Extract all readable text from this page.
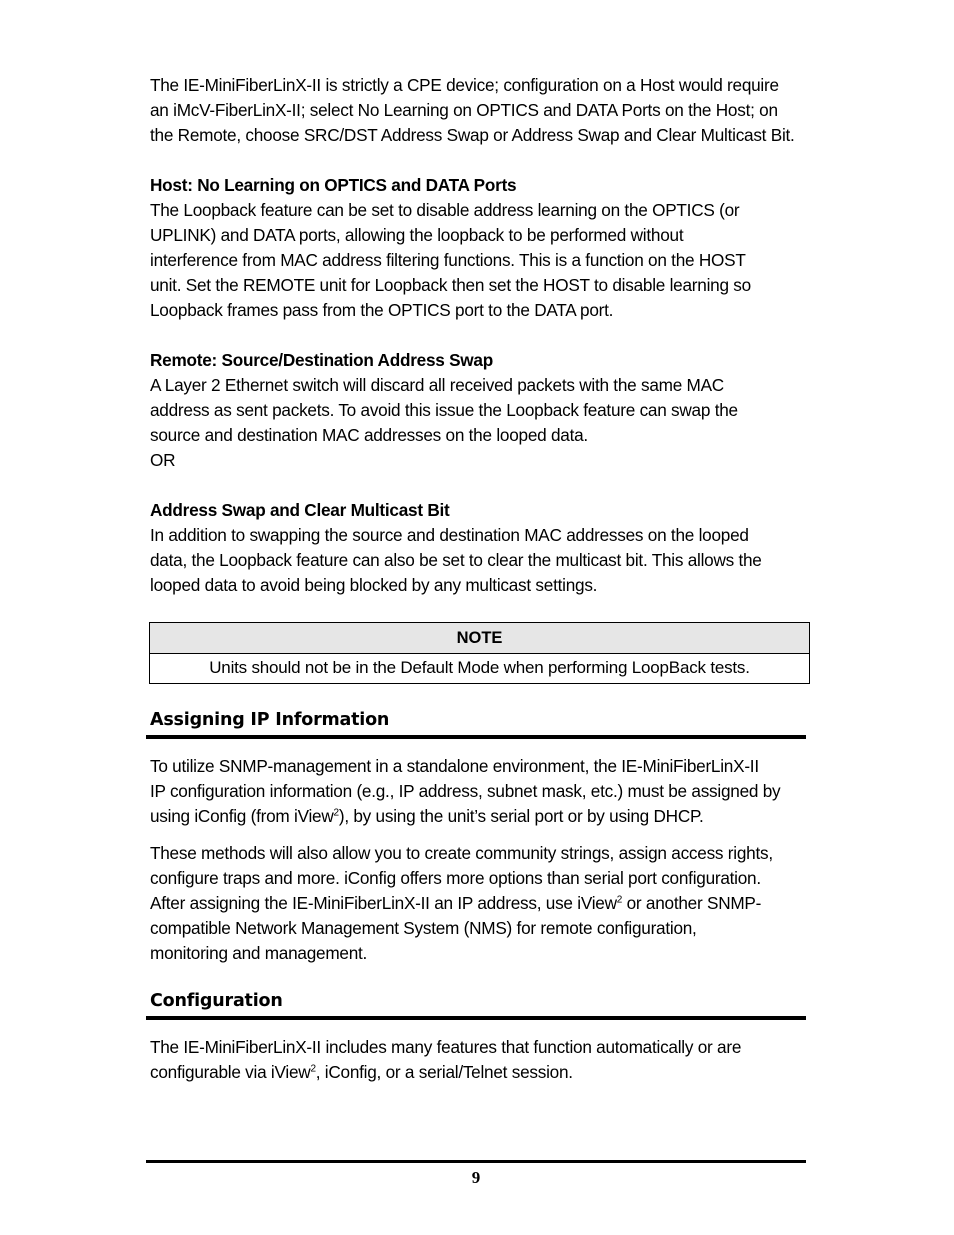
The IE-MiniFiberLinX-II is strictly a CPE device; configuration on a Host would require

an iMcV-FiberLinX-II; select No Learning on OPTICS and DATA Ports on the Host; on

the Remote, choose SRC/DST Address Swap or Address Swap and Clear Multicast Bit.

Host: No Learning on OPTICS and DATA Ports

The Loopback feature can be set to disable address learning on the OPTICS (or

UPLINK) and DATA ports, allowing the loopback to be performed without

interference from MAC address filtering functions. This is a function on the HOST

unit. Set the REMOTE unit for Loopback then set the HOST to disable learning so

Loopback frames pass from the OPTICS port to the DATA port.

Remote: Source/Destination Address Swap

A Layer 2 Ethernet switch will discard all received packets with the same MAC

address as sent packets. To avoid this issue the Loopback feature can swap the

source and destination MAC addresses on the looped data.

OR

Address Swap and Clear Multicast Bit

In addition to swapping the source and destination MAC addresses on the looped

data, the Loopback feature can also be set to clear the multicast bit. This allows the

looped data to avoid being blocked by any multicast settings.

NOTE
Units should not be in the Default Mode when performing LoopBack tests.
Assigning IP Information

To utilize SNMP-management in a standalone environment, the IE-MiniFiberLinX-II

IP configuration information (e.g., IP address, subnet mask, etc.) must be assigned by

using iConfig (from iView$^2$), by using the unit’s serial port or by using DHCP.

These methods will also allow you to create community strings, assign access rights,

configure traps and more. iConfig offers more options than serial port configuration.

After assigning the IE-MiniFiberLinX-II an IP address, use iView$^2$ or another SNMP-

compatible Network Management System (NMS) for remote configuration,

monitoring and management.

Configuration

The IE-MiniFiberLinX-II includes many features that function automatically or are

configurable via iView$^2$, iConfig, or a serial/Telnet session.

9
